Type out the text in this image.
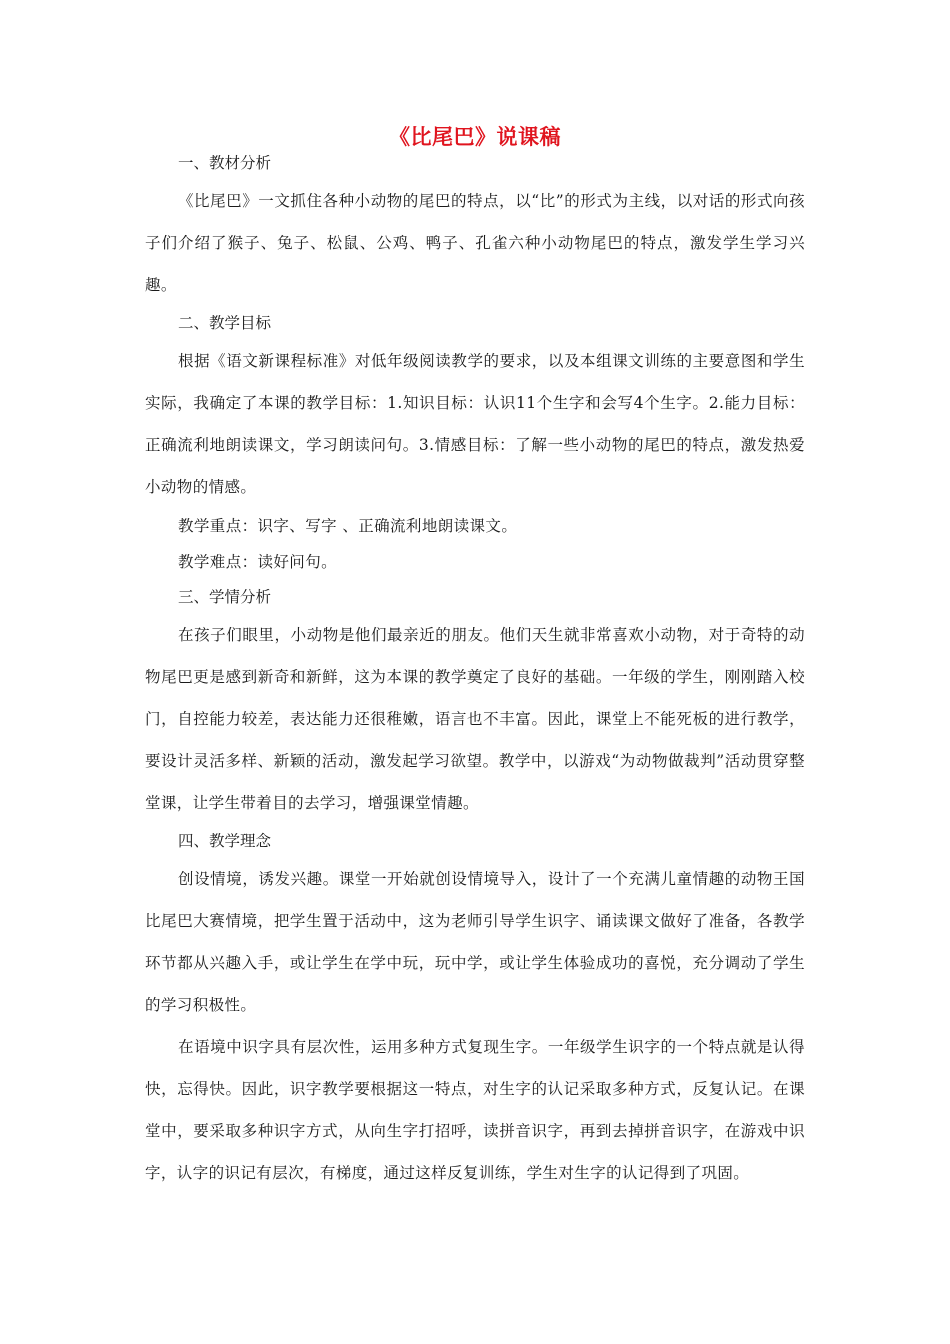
《比尾巴》说课稿

一、教材分析

《比尾巴》一文抓住各种小动物的尾巴的特点，以“比”的形式为主线，以对话的形式向孩子们介绍了猴子、兔子、松鼠、公鸡、鸭子、孔雀六种小动物尾巴的特点，激发学生学习兴趣。

二、教学目标

根据《语文新课程标准》对低年级阅读教学的要求，以及本组课文训练的主要意图和学生实际，我确定了本课的教学目标：1.知识目标：认识11个生字和会写4个生字。2.能力目标：正确流利地朗读课文，学习朗读问句。3.情感目标：了解一些小动物的尾巴的特点，激发热爱小动物的情感。

教学重点：识字、写字 、正确流利地朗读课文。

教学难点：读好问句。

三、学情分析

在孩子们眼里，小动物是他们最亲近的朋友。他们天生就非常喜欢小动物，对于奇特的动物尾巴更是感到新奇和新鲜，这为本课的教学奠定了良好的基础。一年级的学生，刚刚踏入校门，自控能力较差，表达能力还很稚嫩，语言也不丰富。因此，课堂上不能死板的进行教学，要设计灵活多样、新颖的活动，激发起学习欲望。教学中，以游戏“为动物做裁判”活动贯穿整堂课，让学生带着目的去学习，增强课堂情趣。

四、教学理念

创设情境，诱发兴趣。课堂一开始就创设情境导入，设计了一个充满儿童情趣的动物王国比尾巴大赛情境，把学生置于活动中，这为老师引导学生识字、诵读课文做好了准备，各教学环节都从兴趣入手，或让学生在学中玩，玩中学，或让学生体验成功的喜悦，充分调动了学生的学习积极性。

在语境中识字具有层次性，运用多种方式复现生字。一年级学生识字的一个特点就是认得快，忘得快。因此，识字教学要根据这一特点，对生字的认记采取多种方式，反复认记。在课堂中，要采取多种识字方式，从向生字打招呼，读拼音识字，再到去掉拼音识字，在游戏中识字，认字的识记有层次，有梯度，通过这样反复训练，学生对生字的认记得到了巩固。
